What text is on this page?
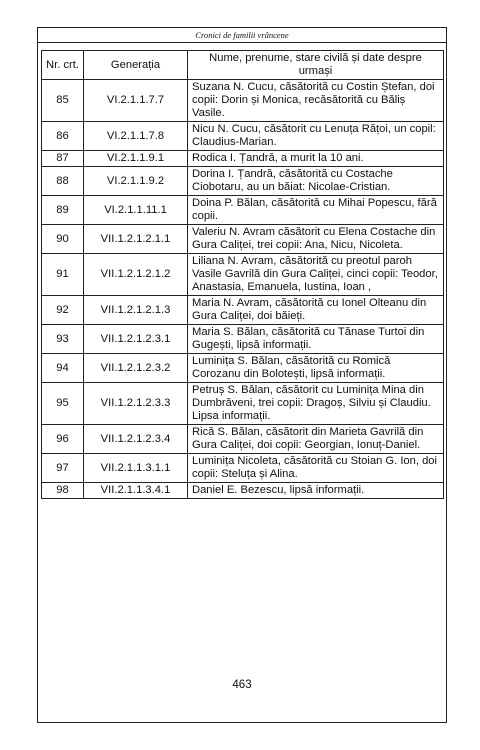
Cronici de familii vrâncene
Nr. crt.	Generația	Nume, prenume, stare civilă și date despre urmași
85	VI.2.1.1.7.7	Suzana N. Cucu, căsătorită cu Costin Ștefan, doi copii: Dorin și Monica, recăsătorită cu Băliș Vasile.
86	VI.2.1.1.7.8	Nicu N. Cucu, căsătorit cu Lenuța Rățoi, un copil: Claudius-Marian.
87	VI.2.1.1.9.1	Rodica I. Țandră, a murit la 10 ani.
88	VI.2.1.1.9.2	Dorina I. Țandră, căsătorită cu Costache Ciobotaru, au un băiat: Nicolae-Cristian.
89	VI.2.1.1.11.1	Doina P. Bălan, căsătorită cu Mihai Popescu, fără copii.
90	VII.1.2.1.2.1.1	Valeriu N. Avram căsătorit cu Elena Costache din Gura Caliței, trei copii: Ana, Nicu, Nicoleta.
91	VII.1.2.1.2.1.2	Liliana N. Avram, căsătorită cu preotul paroh Vasile Gavrilă din Gura Caliței, cinci copii: Teodor, Anastasia, Emanuela, Iustina, Ioan ,
92	VII.1.2.1.2.1.3	Maria N. Avram, căsătorită cu Ionel Olteanu din Gura Caliței, doi băieți.
93	VII.1.2.1.2.3.1	Maria S. Bălan, căsătorită cu Tănase Turtoi din Gugești, lipsă informații.
94	VII.1.2.1.2.3.2	Luminița S. Bălan, căsătorită cu Romică Corozanu din Bolotești, lipsă informații.
95	VII.1.2.1.2.3.3	Petruș S. Bălan, căsătorit cu Luminița Mina din Dumbrăveni, trei copii: Dragoș, Silviu și Claudiu. Lipsa informații.
96	VII.1.2.1.2.3.4	Rică S. Bălan, căsătorit din Marieta Gavrilă din Gura Caliței, doi copii: Georgian, Ionuț-Daniel.
97	VII.2.1.1.3.1.1	Luminița Nicoleta, căsătorită cu Stoian G. Ion, doi copii: Steluța și Alina.
98	VII.2.1.1.3.4.1	Daniel E. Bezescu, lipsă informații.
463
